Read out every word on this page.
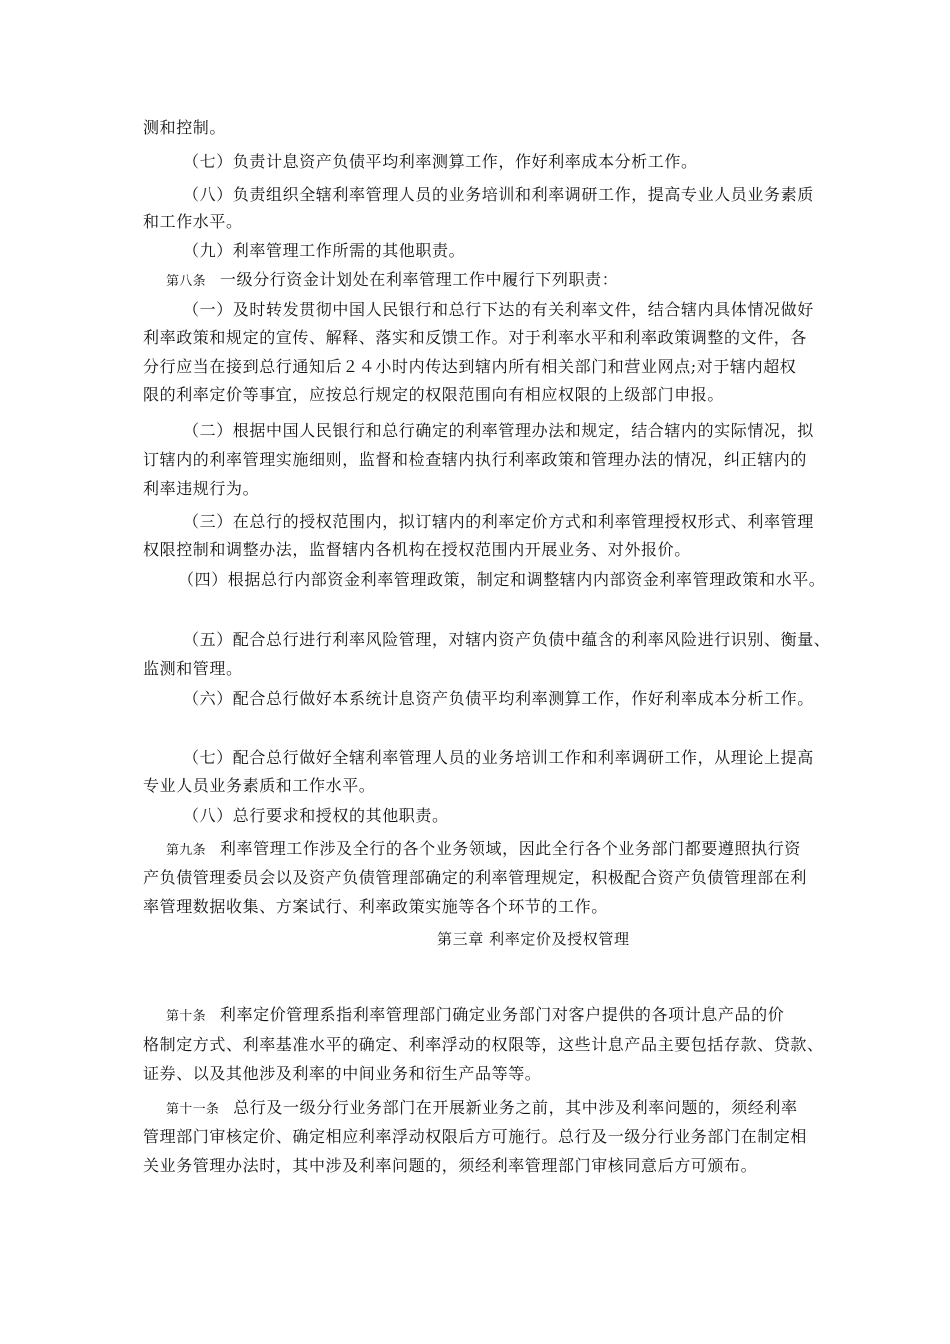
测和控制。
（七）负责计息资产负债平均利率测算工作，作好利率成本分析工作。
（八）负责组织全辖利率管理人员的业务培训和利率调研工作，提高专业人员业务素质
和工作水平。
（九）利率管理工作所需的其他职责。
第八条 一级分行资金计划处在利率管理工作中履行下列职责：
（一）及时转发贯彻中国人民银行和总行下达的有关利率文件，结合辖内具体情况做好
利率政策和规定的宣传、解释、落实和反馈工作。对于利率水平和利率政策调整的文件，各
分行应当在接到总行通知后２４小时内传达到辖内所有相关部门和营业网点;对于辖内超权
限的利率定价等事宜，应按总行规定的权限范围向有相应权限的上级部门申报。
（二）根据中国人民银行和总行确定的利率管理办法和规定，结合辖内的实际情况，拟
订辖内的利率管理实施细则，监督和检查辖内执行利率政策和管理办法的情况，纠正辖内的
利率违规行为。
（三）在总行的授权范围内，拟订辖内的利率定价方式和利率管理授权形式、利率管理
权限控制和调整办法，监督辖内各机构在授权范围内开展业务、对外报价。
（四）根据总行内部资金利率管理政策，制定和调整辖内内部资金利率管理政策和水平。
（五）配合总行进行利率风险管理，对辖内资产负债中蕴含的利率风险进行识别、衡量、
监测和管理。
（六）配合总行做好本系统计息资产负债平均利率测算工作，作好利率成本分析工作。
（七）配合总行做好全辖利率管理人员的业务培训工作和利率调研工作，从理论上提高
专业人员业务素质和工作水平。
（八）总行要求和授权的其他职责。
第九条 利率管理工作涉及全行的各个业务领域，因此全行各个业务部门都要遵照执行资
产负债管理委员会以及资产负债管理部确定的利率管理规定，积极配合资产负债管理部在利
率管理数据收集、方案试行、利率政策实施等各个环节的工作。
第三章 利率定价及授权管理
第十条 利率定价管理系指利率管理部门确定业务部门对客户提供的各项计息产品的价
格制定方式、利率基准水平的确定、利率浮动的权限等，这些计息产品主要包括存款、贷款、
证券、以及其他涉及利率的中间业务和衍生产品等等。
第十一条 总行及一级分行业务部门在开展新业务之前，其中涉及利率问题的，须经利率
管理部门审核定价、确定相应利率浮动权限后方可施行。总行及一级分行业务部门在制定相
关业务管理办法时，其中涉及利率问题的，须经利率管理部门审核同意后方可颁布。
